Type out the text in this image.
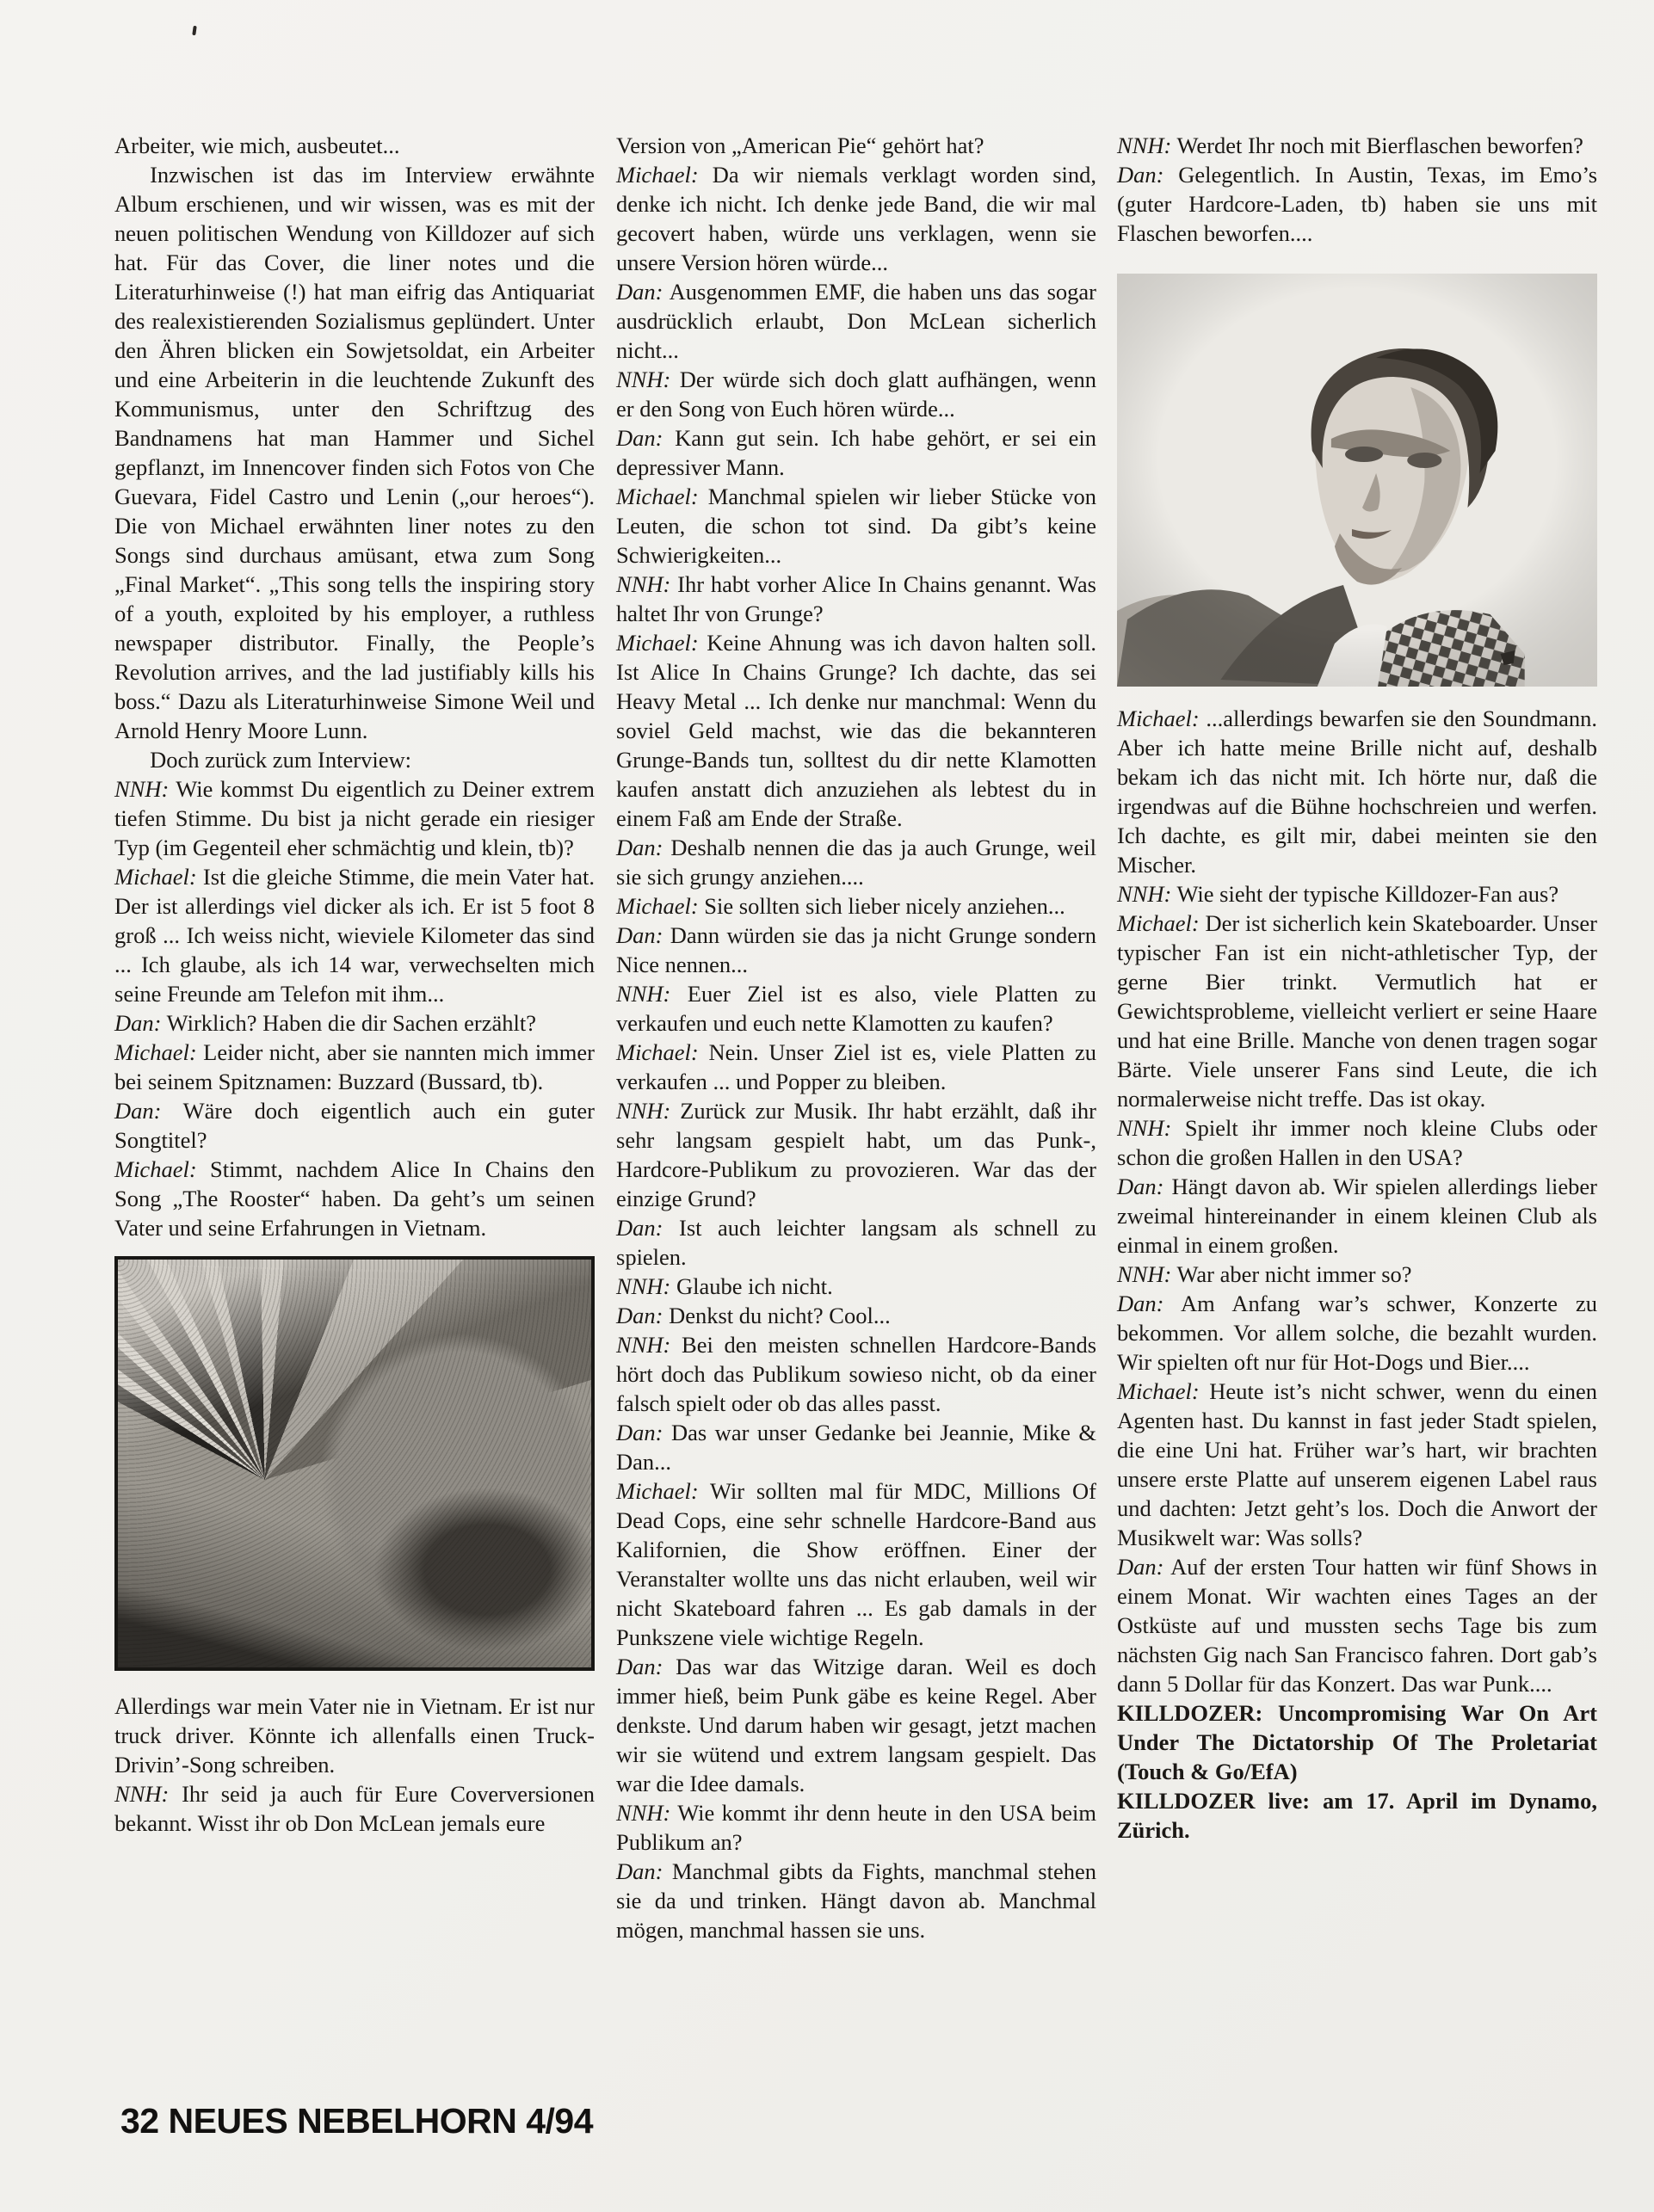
Arbeiter, wie mich, ausbeutet...

Inzwischen ist das im Interview erwähnte Album erschienen, und wir wissen, was es mit der neuen politischen Wendung von Killdozer auf sich hat. Für das Cover, die liner notes und die Literaturhinweise (!) hat man eifrig das Antiquariat des realexistierenden Sozialismus geplündert. Unter den Ähren blicken ein Sowjetsoldat, ein Arbeiter und eine Arbeiterin in die leuchtende Zukunft des Kommunismus, unter den Schriftzug des Bandnamens hat man Hammer und Sichel gepflanzt, im Innencover finden sich Fotos von Che Guevara, Fidel Castro und Lenin („our heroes“). Die von Michael erwähnten liner notes zu den Songs sind durchaus amüsant, etwa zum Song „Final Market“. „This song tells the inspiring story of a youth, exploited by his employer, a ruthless newspaper distributor. Finally, the People’s Revolution arrives, and the lad justifiably kills his boss.“ Dazu als Literaturhinweise Simone Weil und Arnold Henry Moore Lunn.

Doch zurück zum Interview:

NNH: Wie kommst Du eigentlich zu Deiner extrem tiefen Stimme. Du bist ja nicht gerade ein riesiger Typ (im Gegenteil eher schmächtig und klein, tb)?

Michael: Ist die gleiche Stimme, die mein Vater hat. Der ist allerdings viel dicker als ich. Er ist 5 foot 8 groß ... Ich weiss nicht, wieviele Kilometer das sind ... Ich glaube, als ich 14 war, verwechselten mich seine Freunde am Telefon mit ihm...

Dan: Wirklich? Haben die dir Sachen erzählt?

Michael: Leider nicht, aber sie nannten mich immer bei seinem Spitznamen: Buzzard (Bussard, tb).

Dan: Wäre doch eigentlich auch ein guter Songtitel?

Michael: Stimmt, nachdem Alice In Chains den Song „The Rooster“ haben. Da geht’s um seinen Vater und seine Erfahrungen in Vietnam.

Allerdings war mein Vater nie in Vietnam. Er ist nur truck driver. Könnte ich allenfalls einen Truck-Drivin’-Song schreiben.

NNH: Ihr seid ja auch für Eure Coverversionen bekannt. Wisst ihr ob Don McLean jemals eure

Version von „American Pie“ gehört hat?

Michael: Da wir niemals verklagt worden sind, denke ich nicht. Ich denke jede Band, die wir mal gecovert haben, würde uns verklagen, wenn sie unsere Version hören würde...

Dan: Ausgenommen EMF, die haben uns das sogar ausdrücklich erlaubt, Don McLean sicherlich nicht...

NNH: Der würde sich doch glatt aufhängen, wenn er den Song von Euch hören würde...

Dan: Kann gut sein. Ich habe gehört, er sei ein depressiver Mann.

Michael: Manchmal spielen wir lieber Stücke von Leuten, die schon tot sind. Da gibt’s keine Schwierigkeiten...

NNH: Ihr habt vorher Alice In Chains genannt. Was haltet Ihr von Grunge?

Michael: Keine Ahnung was ich davon halten soll. Ist Alice In Chains Grunge? Ich dachte, das sei Heavy Metal ... Ich denke nur manchmal: Wenn du soviel Geld machst, wie das die bekannteren Grunge-Bands tun, solltest du dir nette Klamotten kaufen anstatt dich anzuziehen als lebtest du in einem Faß am Ende der Straße.

Dan: Deshalb nennen die das ja auch Grunge, weil sie sich grungy anziehen....

Michael: Sie sollten sich lieber nicely anziehen...

Dan: Dann würden sie das ja nicht Grunge sondern Nice nennen...

NNH: Euer Ziel ist es also, viele Platten zu verkaufen und euch nette Klamotten zu kaufen?

Michael: Nein. Unser Ziel ist es, viele Platten zu verkaufen ... und Popper zu bleiben.

NNH: Zurück zur Musik. Ihr habt erzählt, daß ihr sehr langsam gespielt habt, um das Punk-, Hardcore-Publikum zu provozieren. War das der einzige Grund?

Dan: Ist auch leichter langsam als schnell zu spielen.

NNH: Glaube ich nicht.

Dan: Denkst du nicht? Cool...

NNH: Bei den meisten schnellen Hardcore-Bands hört doch das Publikum sowieso nicht, ob da einer falsch spielt oder ob das alles passt.

Dan: Das war unser Gedanke bei Jeannie, Mike & Dan...

Michael: Wir sollten mal für MDC, Millions Of Dead Cops, eine sehr schnelle Hardcore-Band aus Kalifornien, die Show eröffnen. Einer der Veranstalter wollte uns das nicht erlauben, weil wir nicht Skateboard fahren ... Es gab damals in der Punkszene viele wichtige Regeln.

Dan: Das war das Witzige daran. Weil es doch immer hieß, beim Punk gäbe es keine Regel. Aber denkste. Und darum haben wir gesagt, jetzt machen wir sie wütend und extrem langsam gespielt. Das war die Idee damals.

NNH: Wie kommt ihr denn heute in den USA beim Publikum an?

Dan: Manchmal gibts da Fights, manchmal stehen sie da und trinken. Hängt davon ab. Manchmal mögen, manchmal hassen sie uns.

NNH: Werdet Ihr noch mit Bierflaschen beworfen?

Dan: Gelegentlich. In Austin, Texas, im Emo’s (guter Hardcore-Laden, tb) haben sie uns mit Flaschen beworfen....

Michael: ...allerdings bewarfen sie den Soundmann. Aber ich hatte meine Brille nicht auf, deshalb bekam ich das nicht mit. Ich hörte nur, daß die irgendwas auf die Bühne hochschreien und werfen. Ich dachte, es gilt mir, dabei meinten sie den Mischer.

NNH: Wie sieht der typische Killdozer-Fan aus?

Michael: Der ist sicherlich kein Skateboarder. Unser typischer Fan ist ein nicht-athletischer Typ, der gerne Bier trinkt. Vermutlich hat er Gewichtsprobleme, vielleicht verliert er seine Haare und hat eine Brille. Manche von denen tragen sogar Bärte. Viele unserer Fans sind Leute, die ich normalerweise nicht treffe. Das ist okay.

NNH: Spielt ihr immer noch kleine Clubs oder schon die großen Hallen in den USA?

Dan: Hängt davon ab. Wir spielen allerdings lieber zweimal hintereinander in einem kleinen Club als einmal in einem großen.

NNH: War aber nicht immer so?

Dan: Am Anfang war’s schwer, Konzerte zu bekommen. Vor allem solche, die bezahlt wurden. Wir spielten oft nur für Hot-Dogs und Bier....

Michael: Heute ist’s nicht schwer, wenn du einen Agenten hast. Du kannst in fast jeder Stadt spielen, die eine Uni hat. Früher war’s hart, wir brachten unsere erste Platte auf unserem eigenen Label raus und dachten: Jetzt geht’s los. Doch die Anwort der Musikwelt war: Was solls?

Dan: Auf der ersten Tour hatten wir fünf Shows in einem Monat. Wir wachten eines Tages an der Ostküste auf und mussten sechs Tage bis zum nächsten Gig nach San Francisco fahren. Dort gab’s dann 5 Dollar für das Konzert. Das war Punk....

KILLDOZER: Uncompromising War On Art Under The Dictatorship Of The Proletariat (Touch & Go/EfA)

KILLDOZER live: am 17. April im Dynamo, Zürich.

32 NEUES NEBELHORN 4/94
